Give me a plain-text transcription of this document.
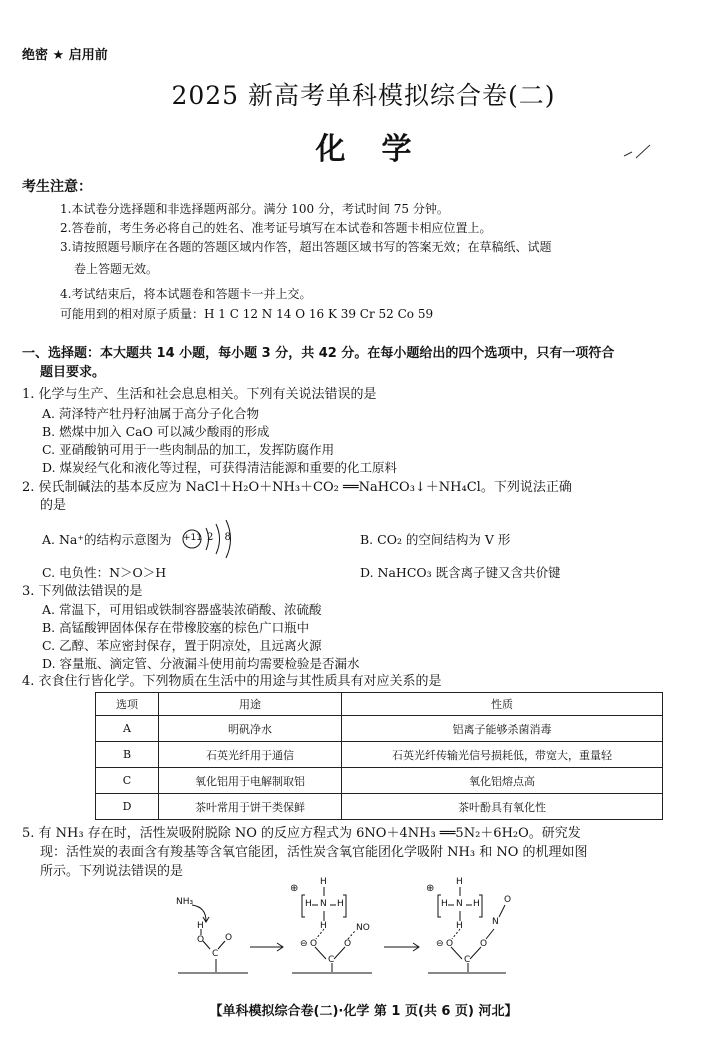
绝密 ★ 启用前
2025 新高考单科模拟综合卷(二)
化学
考生注意：
1.本试卷分选择题和非选择题两部分。满分 100 分，考试时间 75 分钟。
2.答卷前，考生务必将自己的姓名、准考证号填写在本试卷和答题卡相应位置上。
3.请按照题号顺序在各题的答题区域内作答，超出答题区域书写的答案无效；在草稿纸、试题
卷上答题无效。
4.考试结束后，将本试题卷和答题卡一并上交。
可能用到的相对原子质量：H 1 C 12 N 14 O 16 K 39 Cr 52 Co 59
一、选择题：本大题共 14 小题，每小题 3 分，共 42 分。在每小题给出的四个选项中，只有一项符合
题目要求。
1. 化学与生产、生活和社会息息相关。下列有关说法错误的是
A. 菏泽特产牡丹籽油属于高分子化合物
B. 燃煤中加入 CaO 可以减少酸雨的形成
C. 亚硝酸钠可用于一些肉制品的加工，发挥防腐作用
D. 煤炭经气化和液化等过程，可获得清洁能源和重要的化工原料
2. 侯氏制碱法的基本反应为 NaCl＋H₂O＋NH₃＋CO₂ ══NaHCO₃↓＋NH₄Cl。下列说法正确
的是
A. Na⁺的结构示意图为 +11 2 8	B. CO₂ 的空间结构为 V 形
C. 电负性：N＞O＞H	D. NaHCO₃ 既含离子键又含共价键
3. 下列做法错误的是
A. 常温下，可用铝或铁制容器盛装浓硝酸、浓硫酸
B. 高锰酸钾固体保存在带橡胶塞的棕色广口瓶中
C. 乙醇、苯应密封保存，置于阴凉处，且远离火源
D. 容量瓶、滴定管、分液漏斗使用前均需要检验是否漏水
4. 衣食住行皆化学。下列物质在生活中的用途与其性质具有对应关系的是
选项	用途	性质
A	明矾净水	铝离子能够杀菌消毒
B	石英光纤用于通信	石英光纤传输光信号损耗低，带宽大，重量轻
C	氧化铝用于电解制取铝	氧化铝熔点高
D	茶叶常用于饼干类保鲜	茶叶酚具有氧化性
5. 有 NH₃ 存在时，活性炭吸附脱除 NO 的反应方程式为 6NO＋4NH₃ ══5N₂＋6H₂O。研究发
现：活性炭的表面含有羧基等含氧官能团，活性炭含氧官能团化学吸附 NH₃ 和 NO 的机理如图
所示。下列说法错误的是
NH₃
H
O
C
O
⊕
H
H N H
H
⊖ O
C
O
NO
⊕
H
H N H
H
⊖ O
C
O
N
O
【单科模拟综合卷(二)·化学 第 1 页(共 6 页) 河北】
